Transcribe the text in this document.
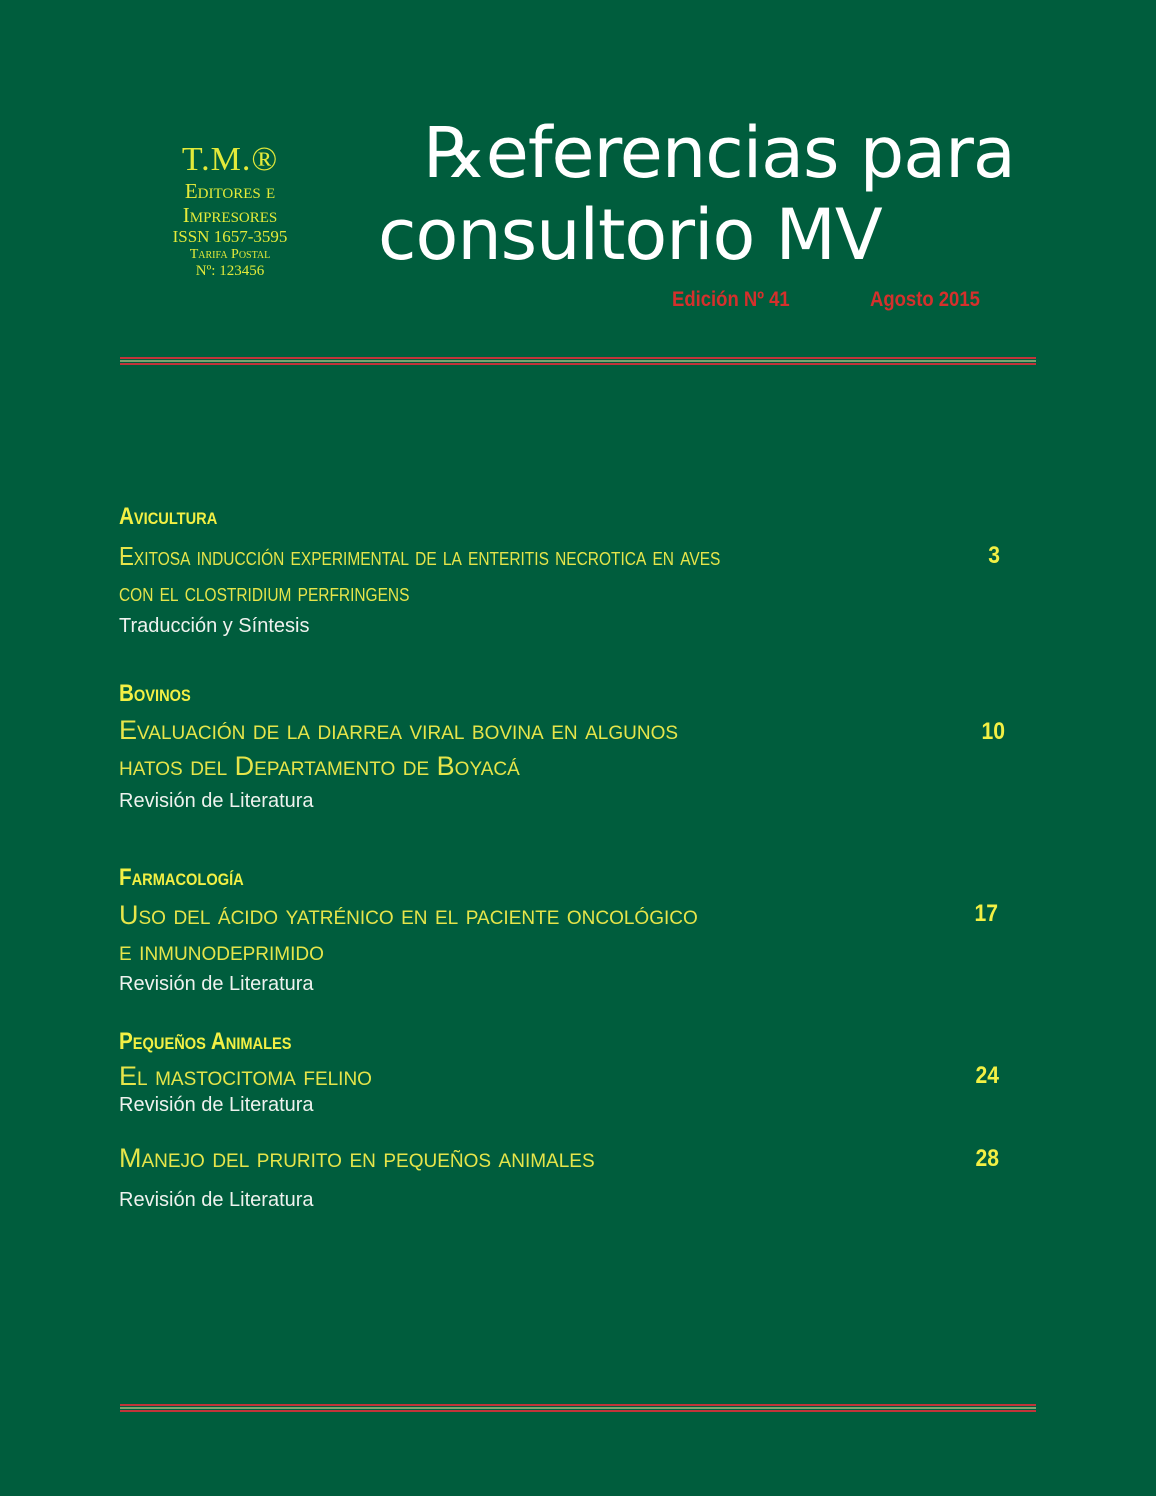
T.M.®
Editores e
Impresores
ISSN 1657-3595
Tarifa Postal
Nº: 123456
℞eferencias para
consultorio MV
Edición Nº 41	Agosto 2015
Avicultura
Exitosa inducción experimental de la enteritis necrotica en aves
con el clostridium perfringens
Traducción y Síntesis
3
Bovinos
Evaluación de la diarrea viral bovina en algunos
hatos del Departamento de Boyacá
Revisión de Literatura
10
Farmacología
Uso del ácido yatrénico en el paciente oncológico
e inmunodeprimido
Revisión de Literatura
17
Pequeños Animales
El mastocitoma felino
Revisión de Literatura
24
Manejo del prurito en pequeños animales
Revisión de Literatura
28
